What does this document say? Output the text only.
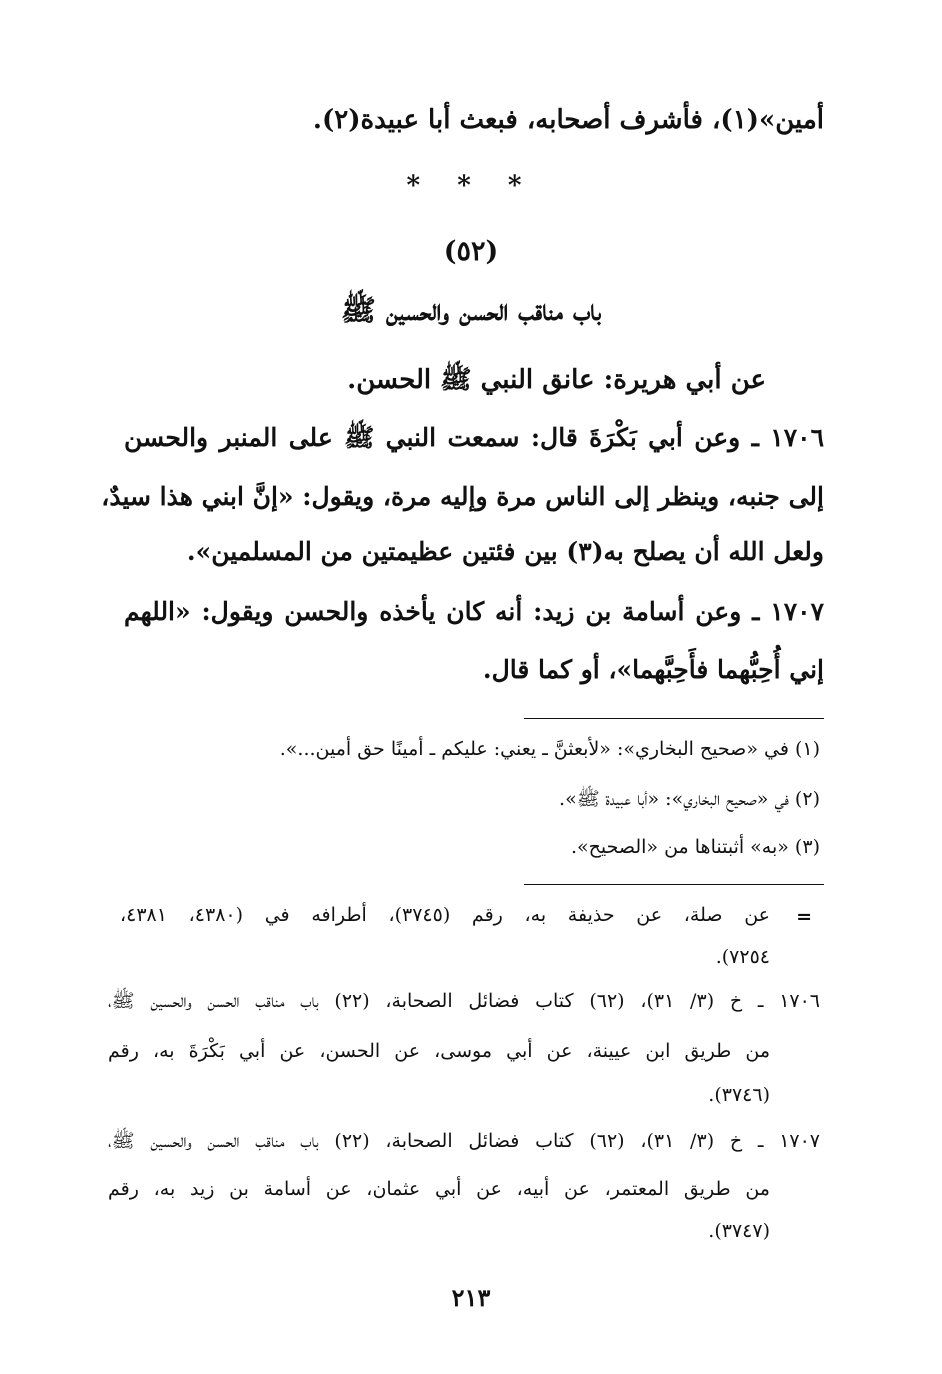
أمين»(١)، فأشرف أصحابه، فبعث أبا عبيدة(٢).
* * *
(٥٢)
باب مناقب الحسن والحسين ﷺ
عن أبي هريرة: عانق النبي ﷺ الحسن.
١٧٠٦ ـ وعن أبي بَكْرَةَ قال: سمعت النبي ﷺ على المنبر والحسن
إلى جنبه، وينظر إلى الناس مرة وإليه مرة، ويقول: «إنَّ ابني هذا سيدٌ،
ولعل الله أن يصلح به(٣) بين فئتين عظيمتين من المسلمين».
١٧٠٧ ـ وعن أسامة بن زيد: أنه كان يأخذه والحسن ويقول: «اللهم
إني أُحِبُّهما فأَحِبَّهما»، أو كما قال.
(١) في «صحيح البخاري»: «لأبعثنَّ ـ يعني: عليكم ـ أمينًا حق أمين...».
(٢) في «صحيح البخاري»: «أبا عبيدة ﷺ».
(٣) «به» أثبتناها من «الصحيح».
=
عن صلة، عن حذيفة به، رقم (٣٧٤٥)، أطرافه في (٤٣٨٠، ٤٣٨١،
٧٢٥٤).
١٧٠٦ ـ خ (٣/ ٣١)، (٦٢) كتاب فضائل الصحابة، (٢٢) باب مناقب الحسن والحسين ﷺ،
من طريق ابن عيينة، عن أبي موسى، عن الحسن، عن أبي بَكْرَةَ به، رقم
(٣٧٤٦).
١٧٠٧ ـ خ (٣/ ٣١)، (٦٢) كتاب فضائل الصحابة، (٢٢) باب مناقب الحسن والحسين ﷺ،
من طريق المعتمر، عن أبيه، عن أبي عثمان، عن أسامة بن زيد به، رقم
(٣٧٤٧).
٢١٣
